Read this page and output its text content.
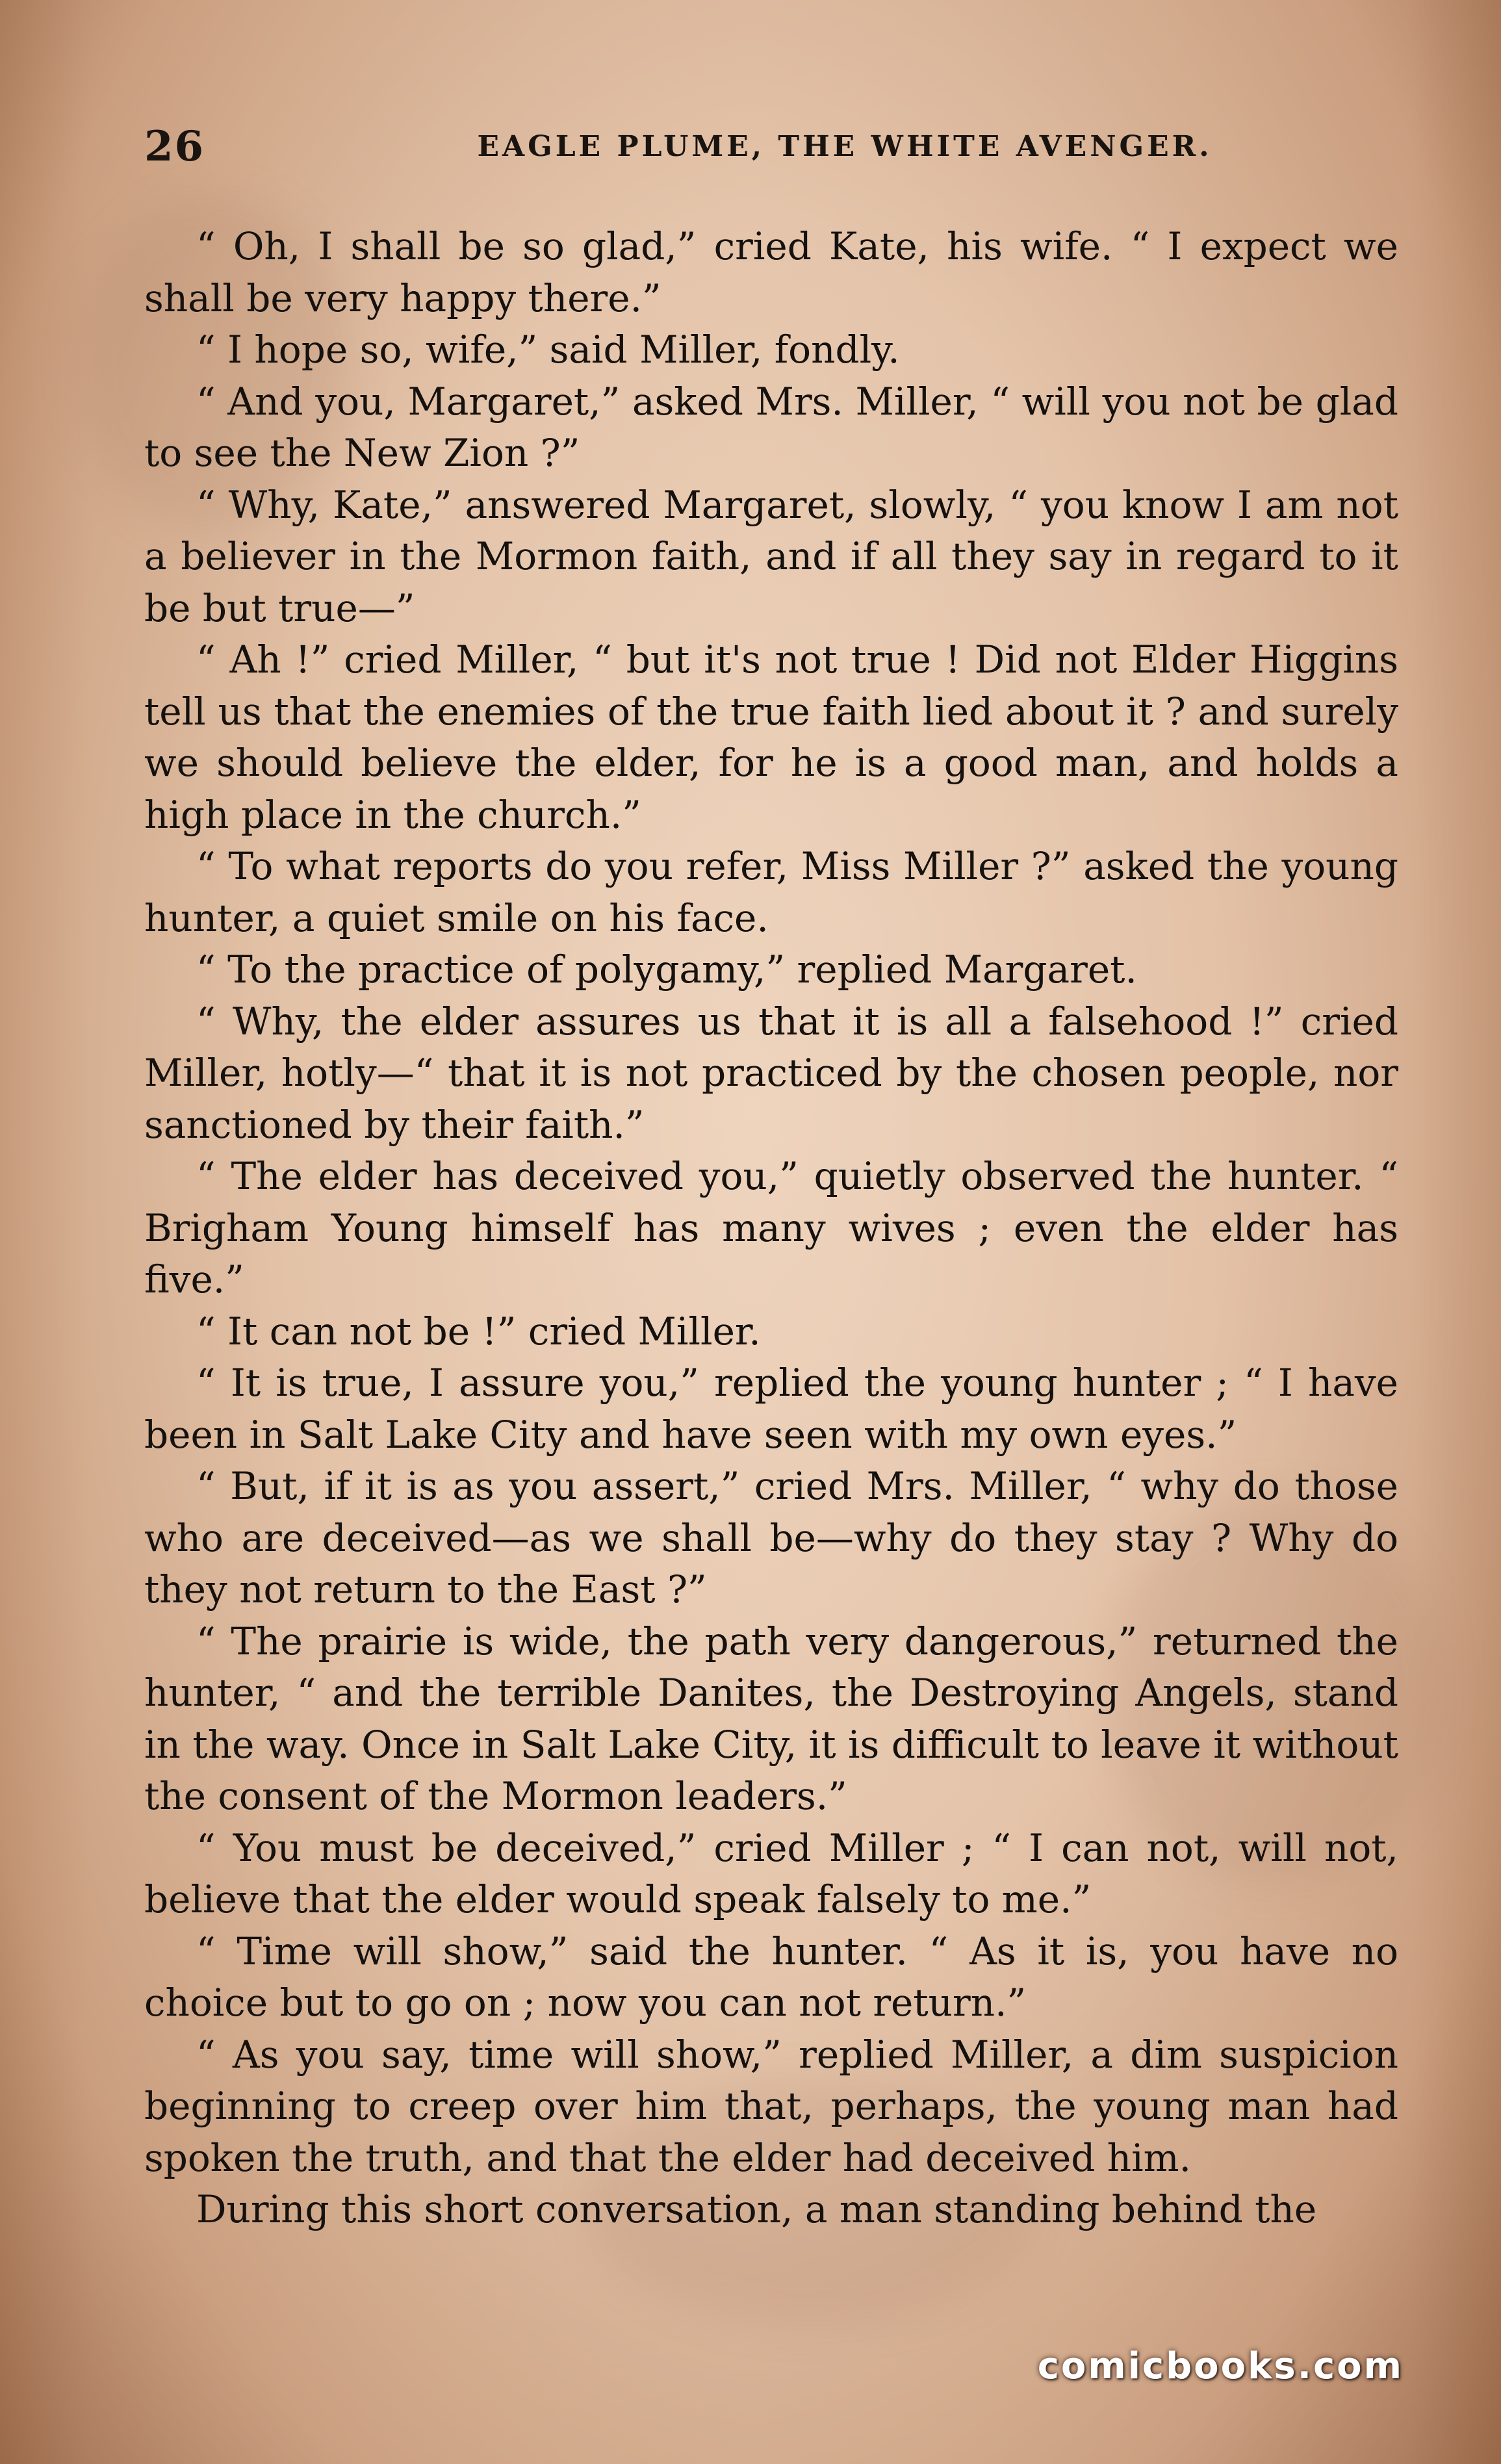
26	EAGLE PLUME, THE WHITE AVENGER.

“ Oh, I shall be so glad,” cried Kate, his wife. “ I expect we shall be very happy there.”

“ I hope so, wife,” said Miller, fondly.

“ And you, Margaret,” asked Mrs. Miller, “ will you not be glad to see the New Zion ?”

“ Why, Kate,” answered Margaret, slowly, “ you know I am not a believer in the Mormon faith, and if all they say in regard to it be but true—”

“ Ah !” cried Miller, “ but it's not true ! Did not Elder Higgins tell us that the enemies of the true faith lied about it ? and surely we should believe the elder, for he is a good man, and holds a high place in the church.”

“ To what reports do you refer, Miss Miller ?” asked the young hunter, a quiet smile on his face.

“ To the practice of polygamy,” replied Margaret.

“ Why, the elder assures us that it is all a falsehood !” cried Miller, hotly—“ that it is not practiced by the chosen people, nor sanctioned by their faith.”

“ The elder has deceived you,” quietly observed the hunter. “ Brigham Young himself has many wives ; even the elder has five.”

“ It can not be !” cried Miller.

“ It is true, I assure you,” replied the young hunter ; “ I have been in Salt Lake City and have seen with my own eyes.”

“ But, if it is as you assert,” cried Mrs. Miller, “ why do those who are deceived—as we shall be—why do they stay ? Why do they not return to the East ?”

“ The prairie is wide, the path very dangerous,” returned the hunter, “ and the terrible Danites, the Destroying Angels, stand in the way. Once in Salt Lake City, it is difficult to leave it without the consent of the Mormon leaders.”

“ You must be deceived,” cried Miller ; “ I can not, will not, believe that the elder would speak falsely to me.”

“ Time will show,” said the hunter. “ As it is, you have no choice but to go on ; now you can not return.”

“ As you say, time will show,” replied Miller, a dim suspicion beginning to creep over him that, perhaps, the young man had spoken the truth, and that the elder had deceived him.

During this short conversation, a man standing behind the

comicbooks.com
